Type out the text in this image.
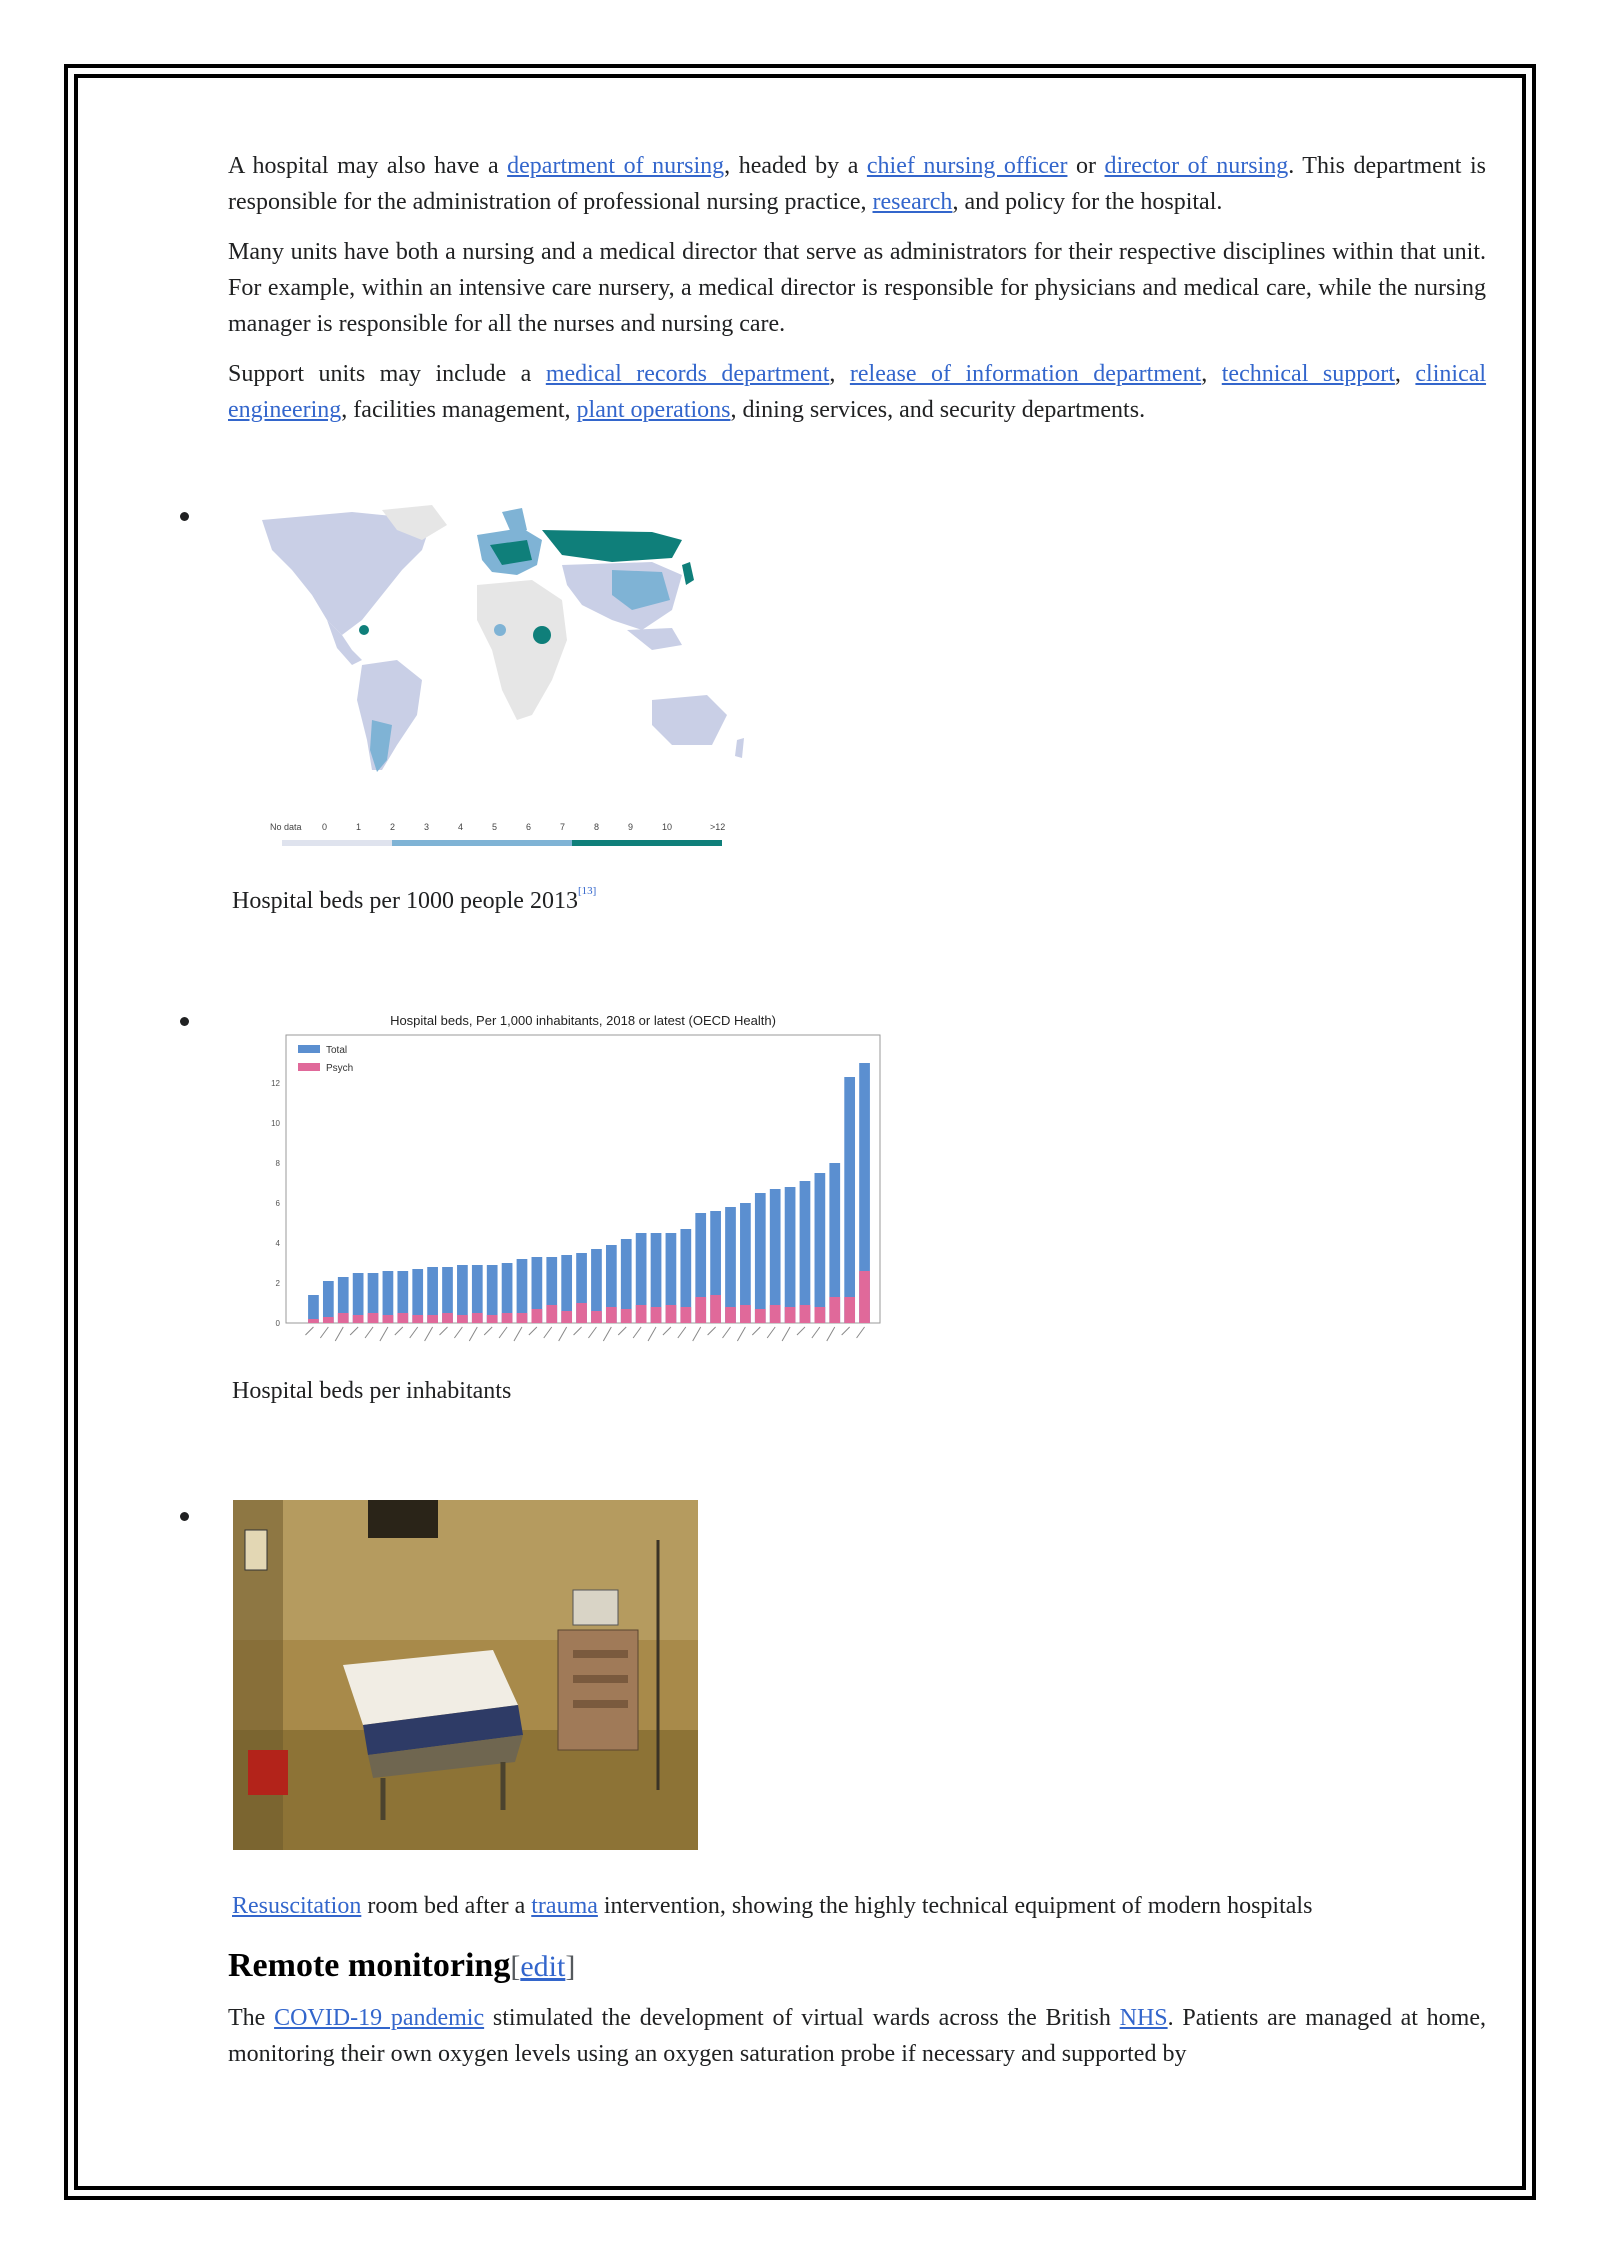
A hospital may also have a department of nursing, headed by a chief nursing officer or director of nursing. This department is responsible for the administration of professional nursing practice, research, and policy for the hospital.

Many units have both a nursing and a medical director that serve as administrators for their respective disciplines within that unit. For example, within an intensive care nursery, a medical director is responsible for physicians and medical care, while the nursing manager is responsible for all the nurses and nursing care.

Support units may include a medical records department, release of information department, technical support, clinical engineering, facilities management, plant operations, dining services, and security departments.

No data 0	1	2	3	4	5	6	7	8	9	10	>12
Hospital beds per 1000 people 2013[13]
Hospital beds, Per 1,000 inhabitants, 2018 or latest (OECD Health)
0
2
4
6
8
10
12
Total
Psych
Hospital beds per inhabitants
Resuscitation room bed after a trauma intervention, showing the highly technical equipment of modern hospitals
Remote monitoring[edit]

The COVID-19 pandemic stimulated the development of virtual wards across the British NHS. Patients are managed at home, monitoring their own oxygen levels using an oxygen saturation probe if necessary and supported by
